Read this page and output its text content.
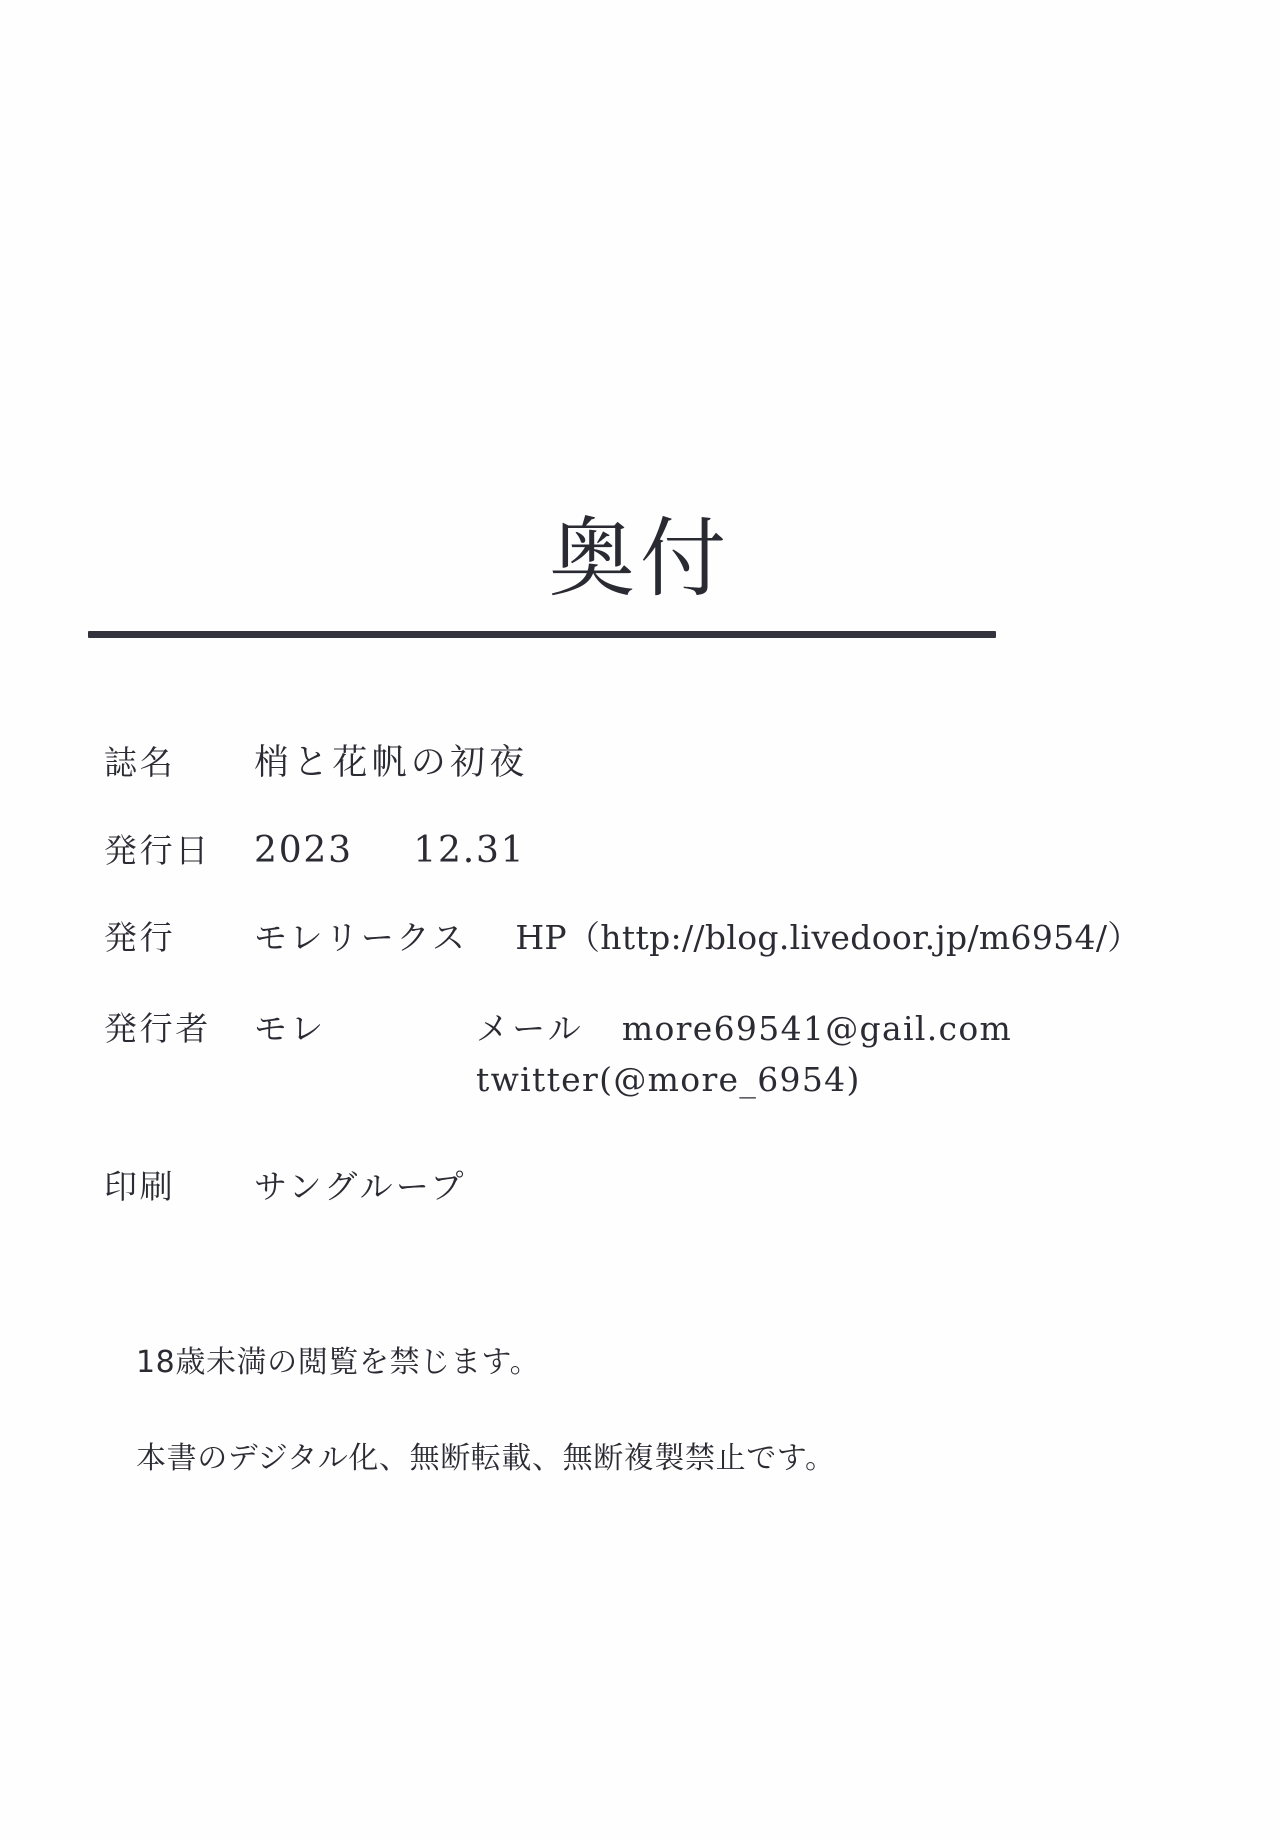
奥付
誌名	梢と花帆の初夜
発行日	2023 12.31
発行	モレリークス HP（http://blog.livedoor.jp/m6954/）
発行者	モレ	メール more69541@gail.com
twitter(@more_6954)
印刷	サングループ
18歳未満の閲覧を禁じます。
本書のデジタル化、無断転載、無断複製禁止です。
